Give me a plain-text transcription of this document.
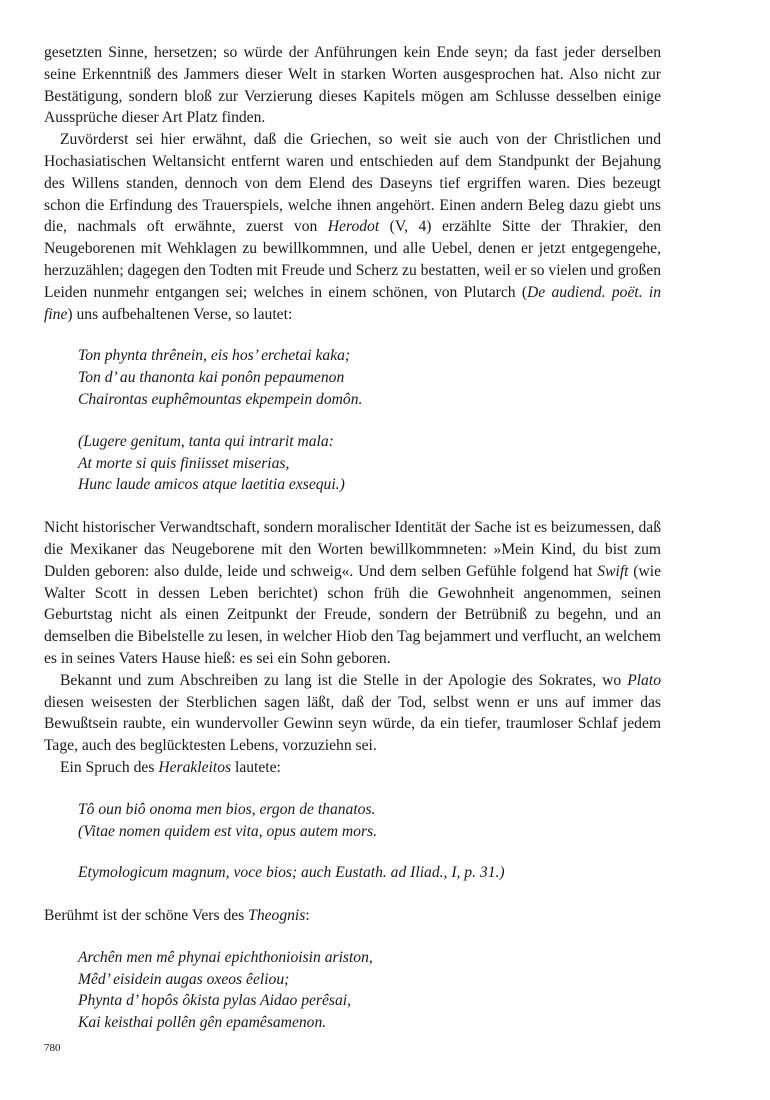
gesetzten Sinne, hersetzen; so würde der Anführungen kein Ende seyn; da fast jeder derselben seine Erkenntniß des Jammers dieser Welt in starken Worten ausgesprochen hat. Also nicht zur Bestätigung, sondern bloß zur Verzierung dieses Kapitels mögen am Schlusse desselben einige Aussprüche dieser Art Platz finden.

Zuvörderst sei hier erwähnt, daß die Griechen, so weit sie auch von der Christlichen und Hochasiatischen Weltansicht entfernt waren und entschieden auf dem Standpunkt der Bejahung des Willens standen, dennoch von dem Elend des Daseyns tief ergriffen waren. Dies bezeugt schon die Erfindung des Trauerspiels, welche ihnen angehört. Einen andern Beleg dazu giebt uns die, nachmals oft erwähnte, zuerst von Herodot (V, 4) erzählte Sitte der Thrakier, den Neugeborenen mit Wehklagen zu bewillkommnen, und alle Uebel, denen er jetzt entgegengehe, herzuzählen; dagegen den Todten mit Freude und Scherz zu bestatten, weil er so vielen und großen Leiden nunmehr entgangen sei; welches in einem schönen, von Plutarch (De audiend. poët. in fine) uns aufbehaltenen Verse, so lautet:

Ton phynta thrênein, eis hos’ erchetai kaka;
Ton d’ au thanonta kai ponôn pepaumenon
Chairontas euphêmountas ekpempein domôn.
(Lugere genitum, tanta qui intrarit mala:
At morte si quis finiisset miserias,
Hunc laude amicos atque laetitia exsequi.)

Nicht historischer Verwandtschaft, sondern moralischer Identität der Sache ist es beizumessen, daß die Mexikaner das Neugeborene mit den Worten bewillkommneten: »Mein Kind, du bist zum Dulden geboren: also dulde, leide und schweig«. Und dem selben Gefühle folgend hat Swift (wie Walter Scott in dessen Leben berichtet) schon früh die Gewohnheit angenommen, seinen Geburtstag nicht als einen Zeitpunkt der Freude, sondern der Betrübniß zu begehn, und an demselben die Bibelstelle zu lesen, in welcher Hiob den Tag bejammert und verflucht, an welchem es in seines Vaters Hause hieß: es sei ein Sohn geboren.

Bekannt und zum Abschreiben zu lang ist die Stelle in der Apologie des Sokrates, wo Plato diesen weisesten der Sterblichen sagen läßt, daß der Tod, selbst wenn er uns auf immer das Bewußtsein raubte, ein wundervoller Gewinn seyn würde, da ein tiefer, traumloser Schlaf jedem Tage, auch des beglücktesten Lebens, vorzuziehn sei.

Ein Spruch des Herakleitos lautete:

Tô oun biô onoma men bios, ergon de thanatos.
(Vitae nomen quidem est vita, opus autem mors.
Etymologicum magnum, voce bios; auch Eustath. ad Iliad., I, p. 31.)

Berühmt ist der schöne Vers des Theognis:

Archên men mê phynai epichthonioisin ariston,
Mêd’ eisidein augas oxeos êeliou;
Phynta d’ hopôs ôkista pylas Aidao perêsai,
Kai keisthai pollên gên epamêsamenon.
780
